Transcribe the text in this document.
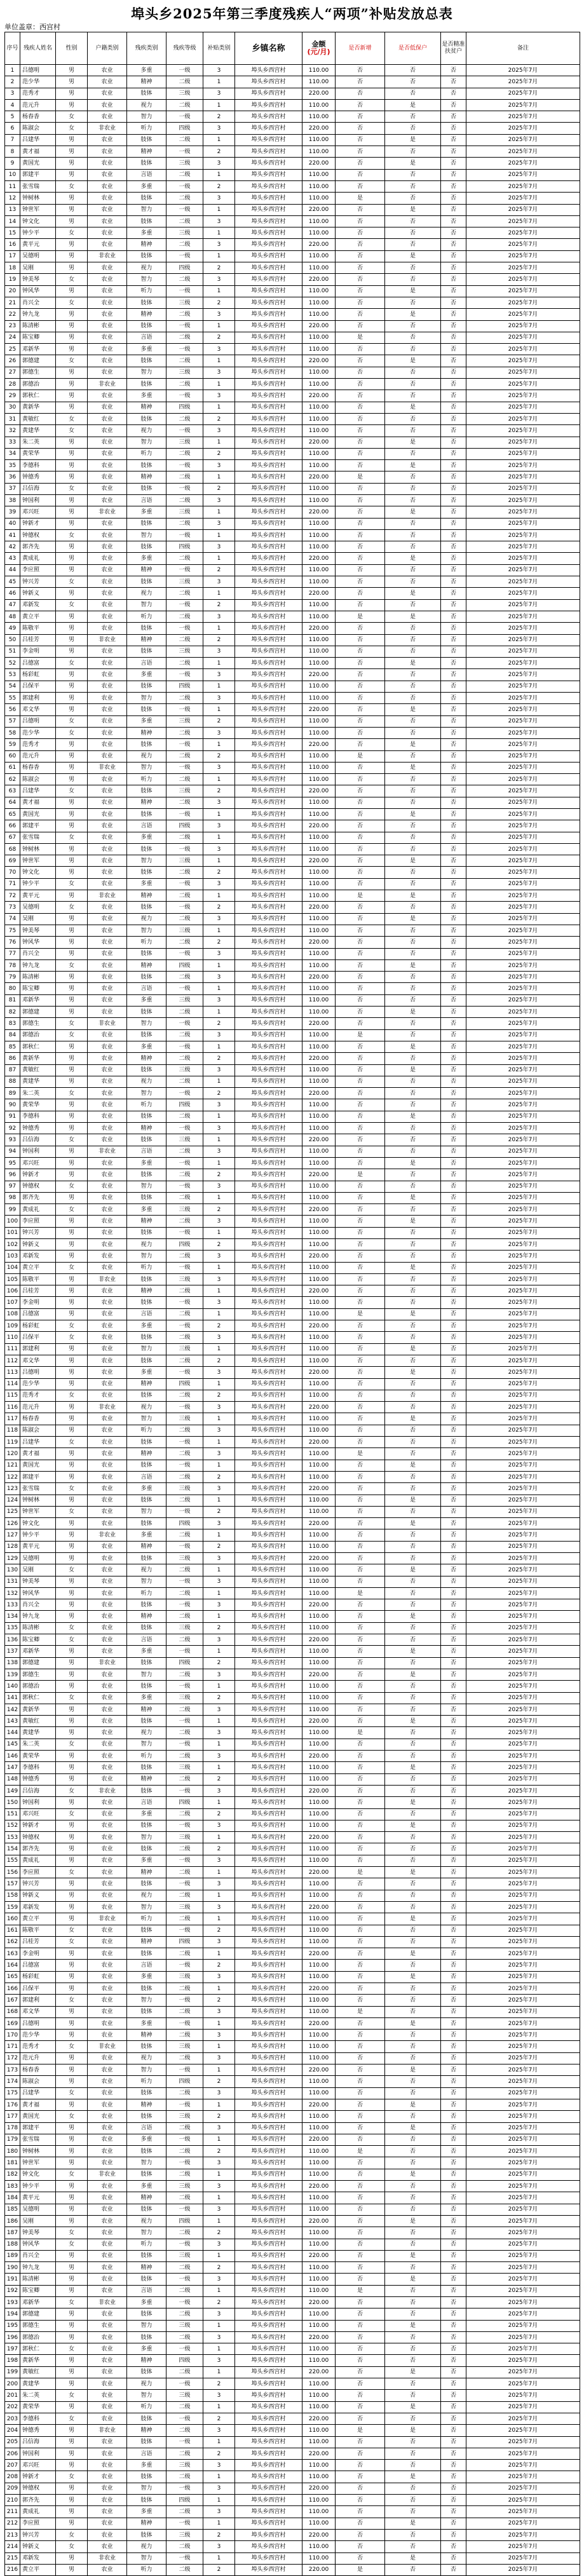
埠头乡2025年第三季度残疾人“两项”补贴发放总表
单位盖章：西宫村
序号	残疾人姓名	性别	户籍类别	残疾类别	残疾等级	补贴类别	乡镇名称	金额
(元/月)	是否新增	是否低保户	是否精准扶贫户	备注
1	吕德明	男	农业	多重	一级	3	埠头乡西宫村	110.00	否	否	否	2025年7月
2	范少华	男	农业	精神	二级	1	埠头乡西宫村	110.00	否	否	否	2025年7月
3	范秀才	男	农业	肢体	三级	3	埠头乡西宫村	220.00	否	否	否	2025年7月
4	范元升	男	农业	视力	二级	1	埠头乡西宫村	110.00	否	是	否	2025年7月
5	杨春香	女	农业	智力	一级	2	埠头乡西宫村	110.00	否	否	否	2025年7月
6	陈淑会	女	非农业	听力	四级	3	埠头乡西宫村	220.00	否	否	否	2025年7月
7	吕建华	男	农业	肢体	二级	1	埠头乡西宫村	110.00	否	是	否	2025年7月
8	黄才福	男	农业	精神	一级	2	埠头乡西宫村	110.00	否	否	否	2025年7月
9	黄国光	男	农业	肢体	三级	3	埠头乡西宫村	220.00	否	是	否	2025年7月
10	郭建平	男	农业	言语	二级	1	埠头乡西宫村	110.00	否	否	否	2025年7月
11	张雪瑞	女	农业	多重	一级	2	埠头乡西宫村	110.00	否	否	否	2025年7月
12	钟树林	男	农业	肢体	二级	3	埠头乡西宫村	110.00	是	否	否	2025年7月
13	钟世军	男	农业	智力	一级	1	埠头乡西宫村	220.00	否	是	否	2025年7月
14	钟文化	男	农业	肢体	二级	3	埠头乡西宫村	110.00	否	否	否	2025年7月
15	钟少平	女	农业	多重	三级	1	埠头乡西宫村	110.00	否	否	否	2025年7月
16	黄平元	男	农业	精神	二级	3	埠头乡西宫村	220.00	否	否	否	2025年7月
17	吴德明	男	非农业	肢体	一级	1	埠头乡西宫村	110.00	否	是	否	2025年7月
18	吴刚	男	农业	视力	四级	2	埠头乡西宫村	110.00	否	否	否	2025年7月
19	钟美琴	女	农业	智力	二级	3	埠头乡西宫村	220.00	否	否	否	2025年7月
20	钟风华	男	农业	听力	一级	1	埠头乡西宫村	110.00	否	是	否	2025年7月
21	肖兴全	女	农业	肢体	三级	2	埠头乡西宫村	110.00	否	否	否	2025年7月
22	钟九龙	男	农业	精神	二级	3	埠头乡西宫村	110.00	否	是	否	2025年7月
23	陈清彬	男	农业	肢体	一级	1	埠头乡西宫村	220.00	否	否	否	2025年7月
24	陈宝卿	男	农业	言语	二级	2	埠头乡西宫村	110.00	是	否	否	2025年7月
25	邓新华	男	农业	多重	一级	3	埠头乡西宫村	110.00	否	否	否	2025年7月
26	郭德建	女	农业	肢体	二级	1	埠头乡西宫村	220.00	否	是	否	2025年7月
27	郭德生	男	农业	智力	三级	3	埠头乡西宫村	110.00	否	否	否	2025年7月
28	郭德治	男	非农业	肢体	二级	1	埠头乡西宫村	110.00	否	否	否	2025年7月
29	郭秋仁	男	农业	多重	一级	3	埠头乡西宫村	220.00	否	否	否	2025年7月
30	黄新华	男	农业	精神	四级	1	埠头乡西宫村	110.00	否	是	否	2025年7月
31	黄敏红	女	农业	肢体	二级	2	埠头乡西宫村	110.00	否	否	否	2025年7月
32	黄建华	女	农业	视力	一级	3	埠头乡西宫村	110.00	否	否	否	2025年7月
33	朱二英	男	农业	智力	三级	1	埠头乡西宫村	220.00	否	是	否	2025年7月
34	黄荣华	男	农业	听力	二级	2	埠头乡西宫村	110.00	否	否	否	2025年7月
35	李德科	男	农业	肢体	一级	3	埠头乡西宫村	110.00	否	是	否	2025年7月
36	钟德秀	男	农业	精神	二级	1	埠头乡西宫村	220.00	是	否	否	2025年7月
37	吕信海	女	农业	肢体	一级	2	埠头乡西宫村	110.00	否	否	否	2025年7月
38	钟国利	男	农业	言语	二级	3	埠头乡西宫村	110.00	否	否	否	2025年7月
39	邓兴旺	男	非农业	多重	三级	1	埠头乡西宫村	220.00	否	是	否	2025年7月
40	钟新才	男	农业	肢体	二级	3	埠头乡西宫村	110.00	否	否	否	2025年7月
41	钟德权	女	农业	智力	一级	1	埠头乡西宫村	110.00	否	否	否	2025年7月
42	郭齐先	男	农业	肢体	四级	3	埠头乡西宫村	110.00	否	否	否	2025年7月
43	黄成礼	男	农业	多重	二级	1	埠头乡西宫村	220.00	否	是	否	2025年7月
44	李应照	男	农业	精神	一级	2	埠头乡西宫村	110.00	否	否	否	2025年7月
45	钟兴芳	女	农业	肢体	三级	3	埠头乡西宫村	110.00	否	否	否	2025年7月
46	钟新义	男	农业	视力	二级	1	埠头乡西宫村	220.00	否	是	否	2025年7月
47	邓新发	女	农业	智力	一级	2	埠头乡西宫村	110.00	否	否	否	2025年7月
48	黄立平	男	农业	听力	二级	3	埠头乡西宫村	110.00	是	是	否	2025年7月
49	陈敬平	男	农业	肢体	一级	1	埠头乡西宫村	220.00	否	否	否	2025年7月
50	吕桂芳	男	非农业	精神	二级	2	埠头乡西宫村	110.00	否	否	否	2025年7月
51	李金明	男	农业	肢体	三级	3	埠头乡西宫村	110.00	否	否	否	2025年7月
52	吕德富	女	农业	言语	二级	1	埠头乡西宫村	110.00	否	是	否	2025年7月
53	杨彩虹	男	农业	多重	一级	3	埠头乡西宫村	220.00	否	否	否	2025年7月
54	吕保平	男	农业	肢体	四级	1	埠头乡西宫村	110.00	否	否	否	2025年7月
55	郭建利	男	农业	智力	二级	3	埠头乡西宫村	110.00	否	否	否	2025年7月
56	邓文华	男	农业	肢体	一级	1	埠头乡西宫村	220.00	否	是	否	2025年7月
57	吕德明	女	农业	多重	三级	2	埠头乡西宫村	110.00	否	否	否	2025年7月
58	范少华	女	农业	精神	二级	3	埠头乡西宫村	110.00	否	否	否	2025年7月
59	范秀才	男	农业	肢体	一级	1	埠头乡西宫村	220.00	否	是	否	2025年7月
60	范元升	男	农业	视力	二级	2	埠头乡西宫村	110.00	是	否	否	2025年7月
61	杨春香	男	非农业	智力	一级	3	埠头乡西宫村	110.00	否	是	否	2025年7月
62	陈淑会	男	农业	听力	二级	1	埠头乡西宫村	110.00	否	否	否	2025年7月
63	吕建华	女	农业	肢体	三级	2	埠头乡西宫村	220.00	否	否	否	2025年7月
64	黄才福	男	农业	精神	二级	3	埠头乡西宫村	110.00	否	否	否	2025年7月
65	黄国光	男	农业	肢体	一级	1	埠头乡西宫村	110.00	否	是	否	2025年7月
66	郭建平	男	农业	言语	四级	3	埠头乡西宫村	220.00	否	否	否	2025年7月
67	张雪瑞	女	农业	多重	二级	1	埠头乡西宫村	110.00	否	否	否	2025年7月
68	钟树林	男	农业	肢体	一级	3	埠头乡西宫村	110.00	否	否	否	2025年7月
69	钟世军	男	农业	智力	三级	1	埠头乡西宫村	220.00	否	是	否	2025年7月
70	钟文化	男	农业	肢体	二级	2	埠头乡西宫村	110.00	否	否	否	2025年7月
71	钟少平	女	农业	多重	一级	3	埠头乡西宫村	110.00	否	否	否	2025年7月
72	黄平元	男	非农业	精神	二级	1	埠头乡西宫村	110.00	是	是	否	2025年7月
73	吴德明	女	农业	肢体	一级	2	埠头乡西宫村	220.00	否	否	否	2025年7月
74	吴刚	男	农业	视力	二级	3	埠头乡西宫村	110.00	否	是	否	2025年7月
75	钟美琴	男	农业	智力	三级	1	埠头乡西宫村	110.00	否	否	否	2025年7月
76	钟风华	男	农业	听力	二级	2	埠头乡西宫村	220.00	否	否	否	2025年7月
77	肖兴全	男	农业	肢体	一级	3	埠头乡西宫村	110.00	否	否	否	2025年7月
78	钟九龙	女	农业	精神	四级	1	埠头乡西宫村	110.00	否	是	否	2025年7月
79	陈清彬	男	农业	肢体	二级	3	埠头乡西宫村	220.00	否	否	否	2025年7月
80	陈宝卿	男	农业	言语	一级	1	埠头乡西宫村	110.00	否	否	否	2025年7月
81	邓新华	男	农业	多重	三级	3	埠头乡西宫村	110.00	否	否	否	2025年7月
82	郭德建	男	农业	肢体	二级	1	埠头乡西宫村	110.00	否	是	否	2025年7月
83	郭德生	女	非农业	智力	一级	2	埠头乡西宫村	220.00	否	否	否	2025年7月
84	郭德治	女	农业	肢体	二级	3	埠头乡西宫村	110.00	是	否	否	2025年7月
85	郭秋仁	男	农业	多重	一级	1	埠头乡西宫村	110.00	否	是	否	2025年7月
86	黄新华	男	农业	精神	二级	2	埠头乡西宫村	220.00	否	否	否	2025年7月
87	黄敏红	男	农业	肢体	三级	3	埠头乡西宫村	110.00	否	是	否	2025年7月
88	黄建华	男	农业	视力	二级	1	埠头乡西宫村	110.00	否	否	否	2025年7月
89	朱二英	女	农业	智力	一级	2	埠头乡西宫村	220.00	否	否	否	2025年7月
90	黄荣华	男	农业	听力	四级	3	埠头乡西宫村	110.00	否	否	否	2025年7月
91	李德科	男	农业	肢体	二级	1	埠头乡西宫村	110.00	否	是	否	2025年7月
92	钟德秀	男	农业	精神	一级	3	埠头乡西宫村	110.00	否	否	否	2025年7月
93	吕信海	女	农业	肢体	三级	1	埠头乡西宫村	220.00	否	否	否	2025年7月
94	钟国利	男	非农业	言语	二级	3	埠头乡西宫村	110.00	否	否	否	2025年7月
95	邓兴旺	男	农业	多重	一级	1	埠头乡西宫村	110.00	否	是	否	2025年7月
96	钟新才	男	农业	肢体	二级	2	埠头乡西宫村	220.00	是	否	否	2025年7月
97	钟德权	女	农业	智力	一级	3	埠头乡西宫村	110.00	否	否	否	2025年7月
98	郭齐先	男	农业	肢体	二级	1	埠头乡西宫村	110.00	否	是	否	2025年7月
99	黄成礼	女	农业	多重	三级	2	埠头乡西宫村	220.00	否	否	否	2025年7月
100	李应照	男	农业	精神	二级	3	埠头乡西宫村	110.00	否	是	否	2025年7月
101	钟兴芳	男	农业	肢体	一级	1	埠头乡西宫村	110.00	否	否	否	2025年7月
102	钟新义	男	农业	视力	四级	2	埠头乡西宫村	110.00	否	否	否	2025年7月
103	邓新发	男	农业	智力	二级	3	埠头乡西宫村	220.00	否	否	否	2025年7月
104	黄立平	女	农业	听力	一级	1	埠头乡西宫村	110.00	否	是	否	2025年7月
105	陈敬平	男	非农业	肢体	三级	3	埠头乡西宫村	110.00	否	否	否	2025年7月
106	吕桂芳	男	农业	精神	二级	1	埠头乡西宫村	220.00	否	否	否	2025年7月
107	李金明	男	农业	肢体	一级	3	埠头乡西宫村	110.00	否	否	否	2025年7月
108	吕德富	男	农业	言语	二级	1	埠头乡西宫村	110.00	是	是	否	2025年7月
109	杨彩虹	女	农业	多重	一级	2	埠头乡西宫村	220.00	否	否	否	2025年7月
110	吕保平	女	农业	肢体	二级	3	埠头乡西宫村	110.00	否	否	否	2025年7月
111	郭建利	男	农业	智力	三级	1	埠头乡西宫村	110.00	否	是	否	2025年7月
112	邓文华	男	农业	肢体	二级	2	埠头乡西宫村	110.00	否	否	否	2025年7月
113	吕德明	男	农业	多重	一级	3	埠头乡西宫村	220.00	否	是	否	2025年7月
114	范少华	男	农业	精神	四级	1	埠头乡西宫村	110.00	否	否	否	2025年7月
115	范秀才	女	农业	肢体	二级	2	埠头乡西宫村	110.00	否	否	否	2025年7月
116	范元升	男	非农业	视力	一级	3	埠头乡西宫村	220.00	否	否	否	2025年7月
117	杨春香	男	农业	智力	三级	1	埠头乡西宫村	110.00	否	是	否	2025年7月
118	陈淑会	男	农业	听力	二级	3	埠头乡西宫村	110.00	否	否	否	2025年7月
119	吕建华	女	农业	肢体	一级	1	埠头乡西宫村	220.00	否	否	否	2025年7月
120	黄才福	男	农业	精神	二级	3	埠头乡西宫村	110.00	是	否	否	2025年7月
121	黄国光	男	农业	肢体	一级	1	埠头乡西宫村	110.00	否	是	否	2025年7月
122	郭建平	男	农业	言语	二级	2	埠头乡西宫村	110.00	否	否	否	2025年7月
123	张雪瑞	女	农业	多重	三级	3	埠头乡西宫村	220.00	否	否	否	2025年7月
124	钟树林	男	农业	肢体	二级	1	埠头乡西宫村	110.00	否	是	否	2025年7月
125	钟世军	女	农业	智力	一级	2	埠头乡西宫村	110.00	否	否	否	2025年7月
126	钟文化	男	农业	肢体	四级	3	埠头乡西宫村	220.00	否	是	否	2025年7月
127	钟少平	男	非农业	多重	二级	1	埠头乡西宫村	110.00	否	否	否	2025年7月
128	黄平元	男	农业	精神	一级	2	埠头乡西宫村	110.00	否	否	否	2025年7月
129	吴德明	男	农业	肢体	三级	3	埠头乡西宫村	220.00	否	否	否	2025年7月
130	吴刚	女	农业	视力	二级	1	埠头乡西宫村	110.00	否	是	否	2025年7月
131	钟美琴	男	农业	智力	一级	3	埠头乡西宫村	110.00	否	否	否	2025年7月
132	钟风华	男	农业	听力	二级	1	埠头乡西宫村	110.00	是	否	否	2025年7月
133	肖兴全	男	农业	肢体	一级	3	埠头乡西宫村	220.00	否	否	否	2025年7月
134	钟九龙	男	农业	精神	二级	1	埠头乡西宫村	110.00	否	是	否	2025年7月
135	陈清彬	女	农业	肢体	三级	2	埠头乡西宫村	110.00	否	否	否	2025年7月
136	陈宝卿	女	农业	言语	二级	3	埠头乡西宫村	220.00	否	否	否	2025年7月
137	邓新华	男	农业	多重	一级	1	埠头乡西宫村	110.00	否	是	否	2025年7月
138	郭德建	男	非农业	肢体	四级	2	埠头乡西宫村	110.00	否	否	否	2025年7月
139	郭德生	男	农业	智力	二级	3	埠头乡西宫村	220.00	否	是	否	2025年7月
140	郭德治	男	农业	肢体	一级	1	埠头乡西宫村	110.00	否	否	否	2025年7月
141	郭秋仁	女	农业	多重	三级	2	埠头乡西宫村	110.00	否	否	否	2025年7月
142	黄新华	男	农业	精神	二级	3	埠头乡西宫村	110.00	否	否	否	2025年7月
143	黄敏红	男	农业	肢体	一级	1	埠头乡西宫村	220.00	否	是	否	2025年7月
144	黄建华	男	农业	视力	二级	3	埠头乡西宫村	110.00	是	否	否	2025年7月
145	朱二英	女	农业	智力	一级	1	埠头乡西宫村	110.00	否	否	否	2025年7月
146	黄荣华	男	农业	听力	二级	3	埠头乡西宫村	220.00	否	否	否	2025年7月
147	李德科	男	农业	肢体	三级	1	埠头乡西宫村	110.00	否	是	否	2025年7月
148	钟德秀	男	农业	精神	二级	2	埠头乡西宫村	110.00	否	否	否	2025年7月
149	吕信海	女	非农业	肢体	一级	3	埠头乡西宫村	220.00	否	否	否	2025年7月
150	钟国利	男	农业	言语	四级	1	埠头乡西宫村	110.00	否	是	否	2025年7月
151	邓兴旺	女	农业	多重	二级	2	埠头乡西宫村	110.00	否	否	否	2025年7月
152	钟新才	男	农业	肢体	一级	3	埠头乡西宫村	110.00	否	是	否	2025年7月
153	钟德权	男	农业	智力	三级	1	埠头乡西宫村	220.00	否	否	否	2025年7月
154	郭齐先	男	农业	肢体	二级	2	埠头乡西宫村	110.00	否	否	否	2025年7月
155	黄成礼	男	农业	多重	一级	3	埠头乡西宫村	110.00	否	否	否	2025年7月
156	李应照	女	农业	精神	二级	1	埠头乡西宫村	220.00	是	是	否	2025年7月
157	钟兴芳	男	农业	肢体	一级	3	埠头乡西宫村	110.00	否	否	否	2025年7月
158	钟新义	男	农业	视力	二级	1	埠头乡西宫村	110.00	否	否	否	2025年7月
159	邓新发	男	农业	智力	三级	3	埠头乡西宫村	220.00	否	否	否	2025年7月
160	黄立平	男	非农业	听力	二级	1	埠头乡西宫村	110.00	否	是	否	2025年7月
161	陈敬平	女	农业	肢体	一级	2	埠头乡西宫村	110.00	否	否	否	2025年7月
162	吕桂芳	女	农业	精神	四级	3	埠头乡西宫村	110.00	否	否	否	2025年7月
163	李金明	男	农业	肢体	二级	1	埠头乡西宫村	220.00	否	是	否	2025年7月
164	吕德富	男	农业	言语	一级	2	埠头乡西宫村	110.00	否	否	否	2025年7月
165	杨彩虹	男	农业	多重	三级	3	埠头乡西宫村	110.00	否	是	否	2025年7月
166	吕保平	男	农业	肢体	二级	1	埠头乡西宫村	220.00	否	否	否	2025年7月
167	郭建利	女	农业	智力	一级	2	埠头乡西宫村	110.00	否	否	否	2025年7月
168	邓文华	男	农业	肢体	二级	3	埠头乡西宫村	110.00	是	否	否	2025年7月
169	吕德明	男	农业	多重	一级	1	埠头乡西宫村	220.00	否	是	否	2025年7月
170	范少华	男	农业	精神	二级	3	埠头乡西宫村	110.00	否	否	否	2025年7月
171	范秀才	女	非农业	肢体	三级	1	埠头乡西宫村	110.00	否	否	否	2025年7月
172	范元升	男	农业	视力	二级	3	埠头乡西宫村	110.00	否	否	否	2025年7月
173	杨春香	男	农业	智力	一级	1	埠头乡西宫村	220.00	否	是	否	2025年7月
174	陈淑会	男	农业	听力	四级	2	埠头乡西宫村	110.00	否	否	否	2025年7月
175	吕建华	女	农业	肢体	二级	3	埠头乡西宫村	110.00	否	否	否	2025年7月
176	黄才福	男	农业	精神	一级	1	埠头乡西宫村	220.00	否	是	否	2025年7月
177	黄国光	女	农业	肢体	三级	2	埠头乡西宫村	110.00	否	否	否	2025年7月
178	郭建平	男	农业	言语	二级	3	埠头乡西宫村	110.00	否	是	否	2025年7月
179	张雪瑞	男	农业	多重	一级	1	埠头乡西宫村	220.00	否	否	否	2025年7月
180	钟树林	男	农业	肢体	二级	2	埠头乡西宫村	110.00	是	否	否	2025年7月
181	钟世军	男	农业	智力	一级	3	埠头乡西宫村	110.00	否	否	否	2025年7月
182	钟文化	女	非农业	肢体	二级	1	埠头乡西宫村	110.00	否	是	否	2025年7月
183	钟少平	男	农业	多重	三级	3	埠头乡西宫村	220.00	否	否	否	2025年7月
184	黄平元	男	农业	精神	二级	1	埠头乡西宫村	110.00	否	否	否	2025年7月
185	吴德明	男	农业	肢体	一级	3	埠头乡西宫村	110.00	否	否	否	2025年7月
186	吴刚	男	农业	视力	四级	1	埠头乡西宫村	220.00	否	是	否	2025年7月
187	钟美琴	女	农业	智力	二级	2	埠头乡西宫村	110.00	否	否	否	2025年7月
188	钟风华	女	农业	听力	一级	3	埠头乡西宫村	110.00	否	否	否	2025年7月
189	肖兴全	男	农业	肢体	三级	1	埠头乡西宫村	220.00	否	是	否	2025年7月
190	钟九龙	男	农业	精神	二级	2	埠头乡西宫村	110.00	否	否	否	2025年7月
191	陈清彬	男	农业	肢体	一级	3	埠头乡西宫村	110.00	否	是	否	2025年7月
192	陈宝卿	男	农业	言语	二级	1	埠头乡西宫村	110.00	是	否	否	2025年7月
193	邓新华	女	非农业	多重	一级	2	埠头乡西宫村	220.00	否	否	否	2025年7月
194	郭德建	男	农业	肢体	二级	3	埠头乡西宫村	110.00	否	否	否	2025年7月
195	郭德生	男	农业	智力	三级	1	埠头乡西宫村	110.00	否	是	否	2025年7月
196	郭德治	男	农业	肢体	二级	3	埠头乡西宫村	220.00	否	否	否	2025年7月
197	郭秋仁	女	农业	多重	一级	1	埠头乡西宫村	110.00	否	否	否	2025年7月
198	黄新华	男	农业	精神	四级	3	埠头乡西宫村	110.00	否	否	否	2025年7月
199	黄敏红	男	农业	肢体	二级	1	埠头乡西宫村	220.00	否	是	否	2025年7月
200	黄建华	男	农业	视力	一级	2	埠头乡西宫村	110.00	否	否	否	2025年7月
201	朱二英	女	农业	智力	三级	3	埠头乡西宫村	110.00	否	否	否	2025年7月
202	黄荣华	男	农业	听力	二级	1	埠头乡西宫村	110.00	否	是	否	2025年7月
203	李德科	女	农业	肢体	一级	2	埠头乡西宫村	220.00	否	否	否	2025年7月
204	钟德秀	男	非农业	精神	二级	3	埠头乡西宫村	110.00	是	是	否	2025年7月
205	吕信海	男	农业	肢体	一级	1	埠头乡西宫村	110.00	否	否	否	2025年7月
206	钟国利	男	农业	言语	二级	2	埠头乡西宫村	220.00	否	否	否	2025年7月
207	邓兴旺	男	农业	多重	三级	3	埠头乡西宫村	110.00	否	否	否	2025年7月
208	钟新才	女	农业	肢体	二级	1	埠头乡西宫村	110.00	否	是	否	2025年7月
209	钟德权	男	农业	智力	一级	3	埠头乡西宫村	220.00	否	否	否	2025年7月
210	郭齐先	男	农业	肢体	四级	1	埠头乡西宫村	110.00	否	否	否	2025年7月
211	黄成礼	男	农业	多重	二级	3	埠头乡西宫村	110.00	否	否	否	2025年7月
212	李应照	男	农业	精神	一级	1	埠头乡西宫村	110.00	否	是	否	2025年7月
213	钟兴芳	女	农业	肢体	三级	2	埠头乡西宫村	220.00	否	否	否	2025年7月
214	钟新义	女	农业	视力	二级	3	埠头乡西宫村	110.00	否	否	否	2025年7月
215	邓新发	男	非农业	智力	一级	1	埠头乡西宫村	110.00	否	是	否	2025年7月
216	黄立平	男	农业	听力	二级	2	埠头乡西宫村	220.00	是	否	否	2025年7月
